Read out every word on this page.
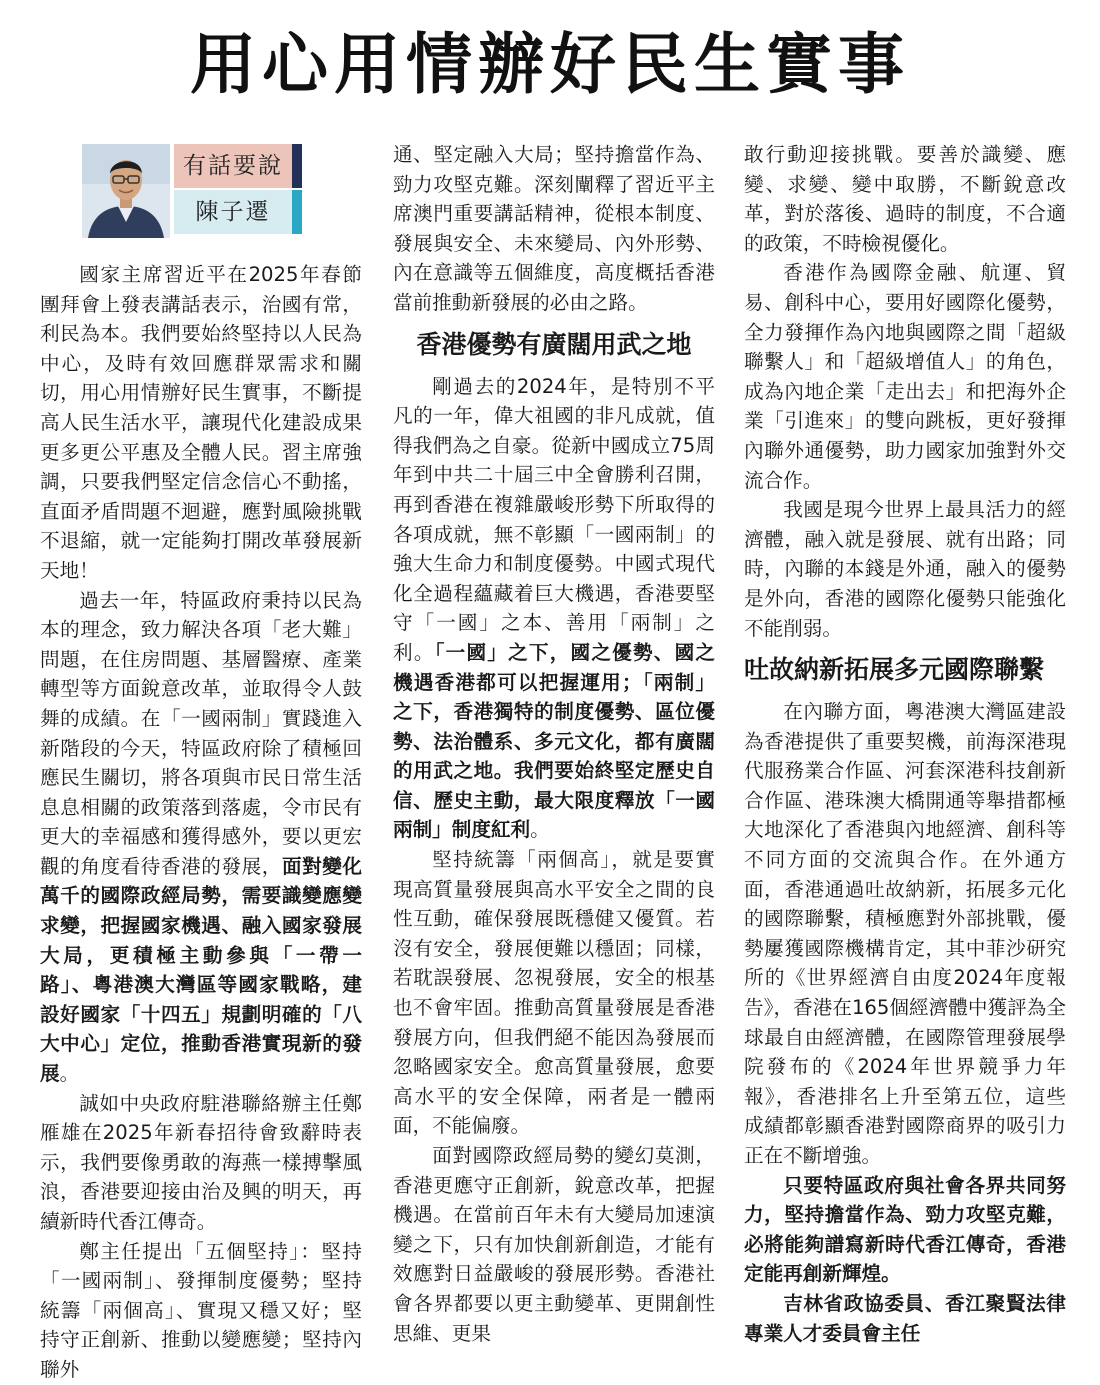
用心用情辦好民生實事
有話要說
陳子遷

國家主席習近平在2025年春節團拜會上發表講話表示，治國有常，利民為本。我們要始終堅持以人民為中心，及時有效回應群眾需求和關切，用心用情辦好民生實事，不斷提高人民生活水平，讓現代化建設成果更多更公平惠及全體人民。習主席強調，只要我們堅定信念信心不動搖，直面矛盾問題不迴避，應對風險挑戰不退縮，就一定能夠打開改革發展新天地！

過去一年，特區政府秉持以民為本的理念，致力解決各項「老大難」問題，在住房問題、基層醫療、產業轉型等方面銳意改革，並取得令人鼓舞的成績。在「一國兩制」實踐進入新階段的今天，特區政府除了積極回應民生關切，將各項與市民日常生活息息相關的政策落到落處，令市民有更大的幸福感和獲得感外，要以更宏觀的角度看待香港的發展，面對變化萬千的國際政經局勢，需要識變應變求變，把握國家機遇、融入國家發展大局，更積極主動參與「一帶一路」、粵港澳大灣區等國家戰略，建設好國家「十四五」規劃明確的「八大中心」定位，推動香港實現新的發展。

誠如中央政府駐港聯絡辦主任鄭雁雄在2025年新春招待會致辭時表示，我們要像勇敢的海燕一樣搏擊風浪，香港要迎接由治及興的明天，再續新時代香江傳奇。

鄭主任提出「五個堅持」：堅持「一國兩制」、發揮制度優勢；堅持統籌「兩個高」、實現又穩又好；堅持守正創新、推動以變應變；堅持內聯外

通、堅定融入大局；堅持擔當作為、勁力攻堅克難。深刻闡釋了習近平主席澳門重要講話精神，從根本制度、發展與安全、未來變局、內外形勢、內在意識等五個維度，高度概括香港當前推動新發展的必由之路。

香港優勢有廣闊用武之地

剛過去的2024年，是特別不平凡的一年，偉大祖國的非凡成就，值得我們為之自豪。從新中國成立75周年到中共二十屆三中全會勝利召開，再到香港在複雜嚴峻形勢下所取得的各項成就，無不彰顯「一國兩制」的強大生命力和制度優勢。中國式現代化全過程蘊藏着巨大機遇，香港要堅守「一國」之本、善用「兩制」之利。「一國」之下，國之優勢、國之機遇香港都可以把握運用；「兩制」之下，香港獨特的制度優勢、區位優勢、法治體系、多元文化，都有廣闊的用武之地。我們要始終堅定歷史自信、歷史主動，最大限度釋放「一國兩制」制度紅利。

堅持統籌「兩個高」，就是要實現高質量發展與高水平安全之間的良性互動，確保發展既穩健又優質。若沒有安全，發展便難以穩固；同樣，若耽誤發展、忽視發展，安全的根基也不會牢固。推動高質量發展是香港發展方向，但我們絕不能因為發展而忽略國家安全。愈高質量發展，愈要高水平的安全保障，兩者是一體兩面，不能偏廢。

面對國際政經局勢的變幻莫測，香港更應守正創新，銳意改革，把握機遇。在當前百年未有大變局加速演變之下，只有加快創新創造，才能有效應對日益嚴峻的發展形勢。香港社會各界都要以更主動變革、更開創性思維、更果

敢行動迎接挑戰。要善於識變、應變、求變、變中取勝，不斷銳意改革，對於落後、過時的制度，不合適的政策，不時檢視優化。

香港作為國際金融、航運、貿易、創科中心，要用好國際化優勢，全力發揮作為內地與國際之間「超級聯繫人」和「超級增值人」的角色，成為內地企業「走出去」和把海外企業「引進來」的雙向跳板，更好發揮內聯外通優勢，助力國家加強對外交流合作。

我國是現今世界上最具活力的經濟體，融入就是發展、就有出路；同時，內聯的本錢是外通，融入的優勢是外向，香港的國際化優勢只能強化不能削弱。

吐故納新拓展多元國際聯繫

在內聯方面，粵港澳大灣區建設為香港提供了重要契機，前海深港現代服務業合作區、河套深港科技創新合作區、港珠澳大橋開通等舉措都極大地深化了香港與內地經濟、創科等不同方面的交流與合作。在外通方面，香港通過吐故納新，拓展多元化的國際聯繫，積極應對外部挑戰，優勢屢獲國際機構肯定，其中菲沙研究所的《世界經濟自由度2024年度報告》，香港在165個經濟體中獲評為全球最自由經濟體，在國際管理發展學院發布的《2024年世界競爭力年報》，香港排名上升至第五位，這些成績都彰顯香港對國際商界的吸引力正在不斷增強。

只要特區政府與社會各界共同努力，堅持擔當作為、勁力攻堅克難，必將能夠譜寫新時代香江傳奇，香港定能再創新輝煌。

吉林省政協委員、香江聚賢法律專業人才委員會主任
